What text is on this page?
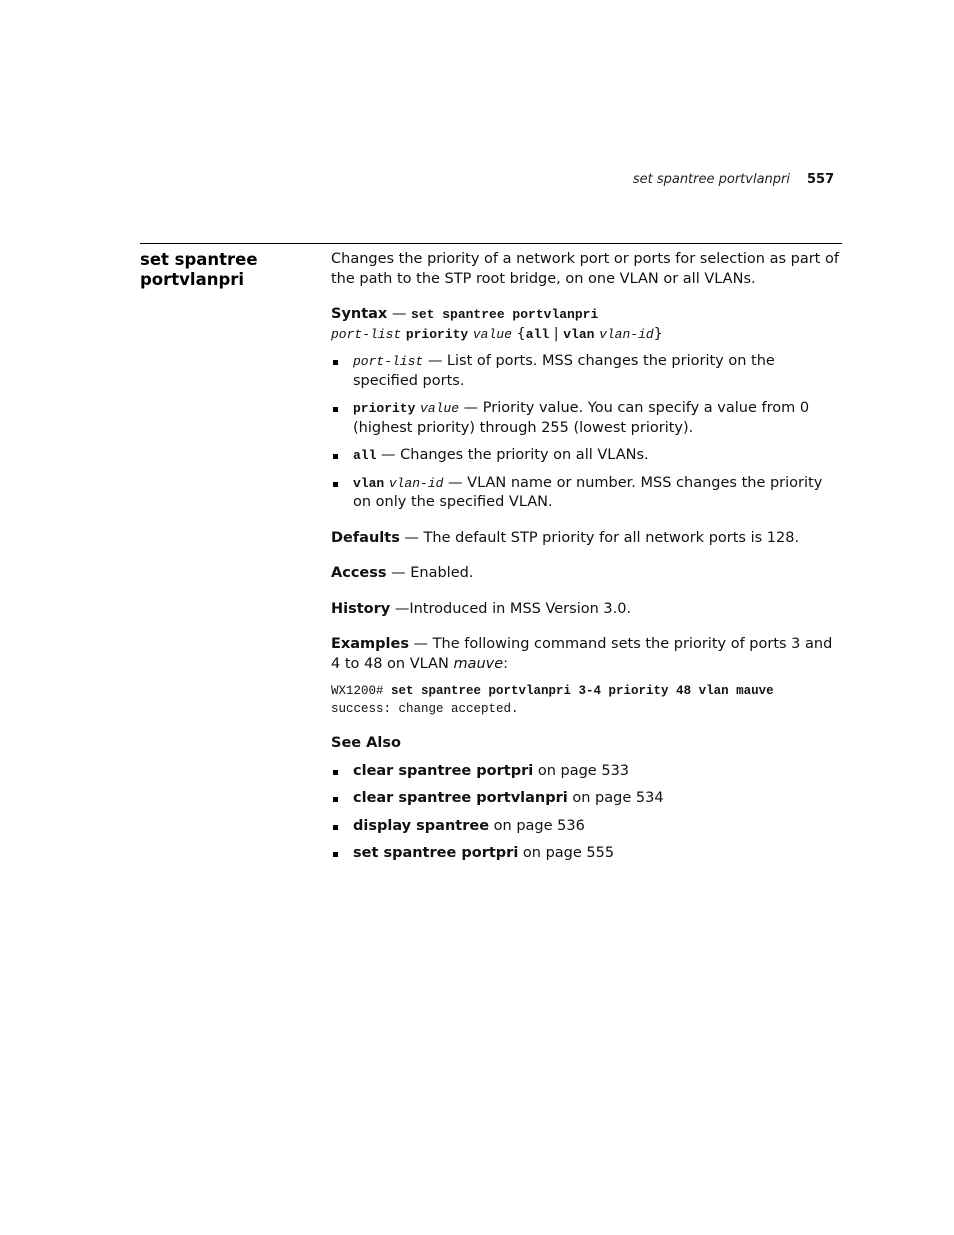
set spantree portvlanpri 557
set spantree
portvlanpri

Changes the priority of a network port or ports for selection as part of the path to the STP root bridge, on one VLAN or all VLANs.

Syntax — set spantree portvlanpri
port-list priority value {all | vlan vlan-id}
port-list — List of ports. MSS changes the priority on the specified ports.
priority value — Priority value. You can specify a value from 0 (highest priority) through 255 (lowest priority).
all — Changes the priority on all VLANs.
vlan vlan-id — VLAN name or number. MSS changes the priority on only the specified VLAN.

Defaults — The default STP priority for all network ports is 128.

Access — Enabled.

History —Introduced in MSS Version 3.0.

Examples — The following command sets the priority of ports 3 and 4 to 48 on VLAN mauve:

WX1200# set spantree portvlanpri 3-4 priority 48 vlan mauve
success: change accepted.
See Also
clear spantree portpri on page 533
clear spantree portvlanpri on page 534
display spantree on page 536
set spantree portpri on page 555
